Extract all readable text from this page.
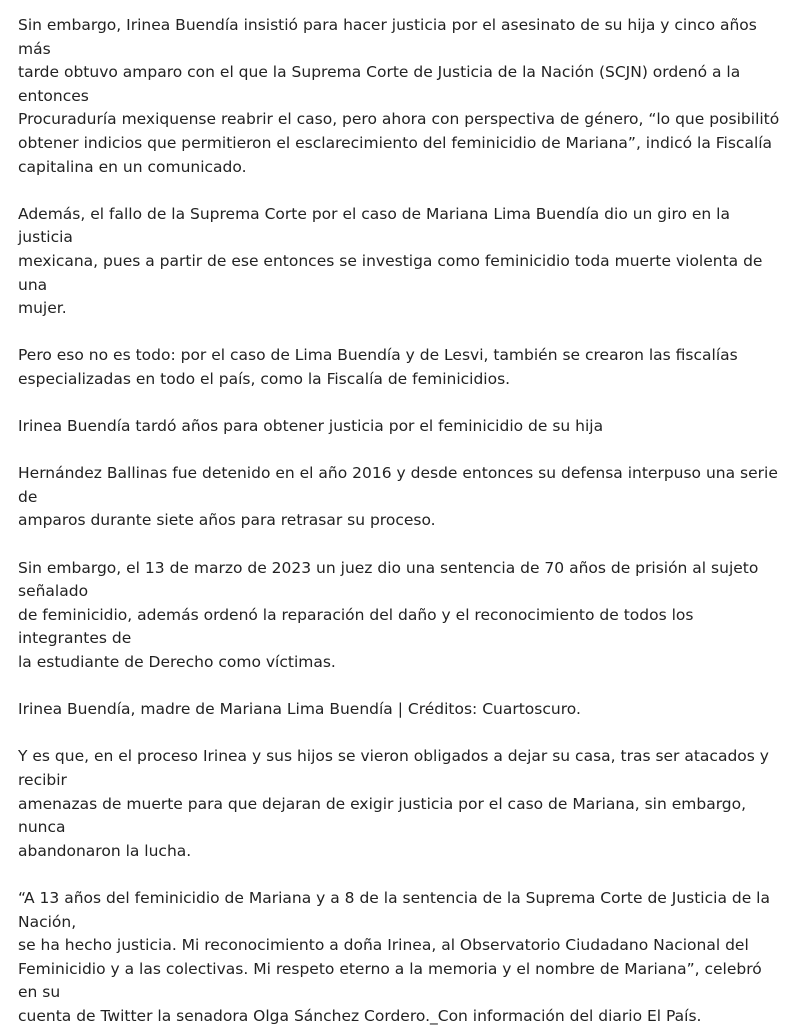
Sin embargo, Irinea Buendía insistió para hacer justicia por el asesinato de su hija y cinco años más
tarde obtuvo amparo con el que la Suprema Corte de Justicia de la Nación (SCJN) ordenó a la entonces
Procuraduría mexiquense reabrir el caso, pero ahora con perspectiva de género, “lo que posibilitó
obtener indicios que permitieron el esclarecimiento del feminicidio de Mariana”, indicó la Fiscalía
capitalina en un comunicado.

Además, el fallo de la Suprema Corte por el caso de Mariana Lima Buendía dio un giro en la justicia
mexicana, pues a partir de ese entonces se investiga como feminicidio toda muerte violenta de una
mujer.

Pero eso no es todo: por el caso de Lima Buendía y de Lesvi, también se crearon las fiscalías
especializadas en todo el país, como la Fiscalía de feminicidios.

Irinea Buendía tardó años para obtener justicia por el feminicidio de su hija

Hernández Ballinas fue detenido en el año 2016 y desde entonces su defensa interpuso una serie de
amparos durante siete años para retrasar su proceso.

Sin embargo, el 13 de marzo de 2023 un juez dio una sentencia de 70 años de prisión al sujeto señalado
de feminicidio, además ordenó la reparación del daño y el reconocimiento de todos los integrantes de
la estudiante de Derecho como víctimas.

Irinea Buendía, madre de Mariana Lima Buendía | Créditos: Cuartoscuro.

Y es que, en el proceso Irinea y sus hijos se vieron obligados a dejar su casa, tras ser atacados y recibir
amenazas de muerte para que dejaran de exigir justicia por el caso de Mariana, sin embargo, nunca
abandonaron la lucha.

“A 13 años del feminicidio de Mariana y a 8 de la sentencia de la Suprema Corte de Justicia de la Nación,
se ha hecho justicia. Mi reconocimiento a doña Irinea, al Observatorio Ciudadano Nacional del
Feminicidio y a las colectivas. Mi respeto eterno a la memoria y el nombre de Mariana”, celebró en su
cuenta de Twitter la senadora Olga Sánchez Cordero._Con información del diario El País.
